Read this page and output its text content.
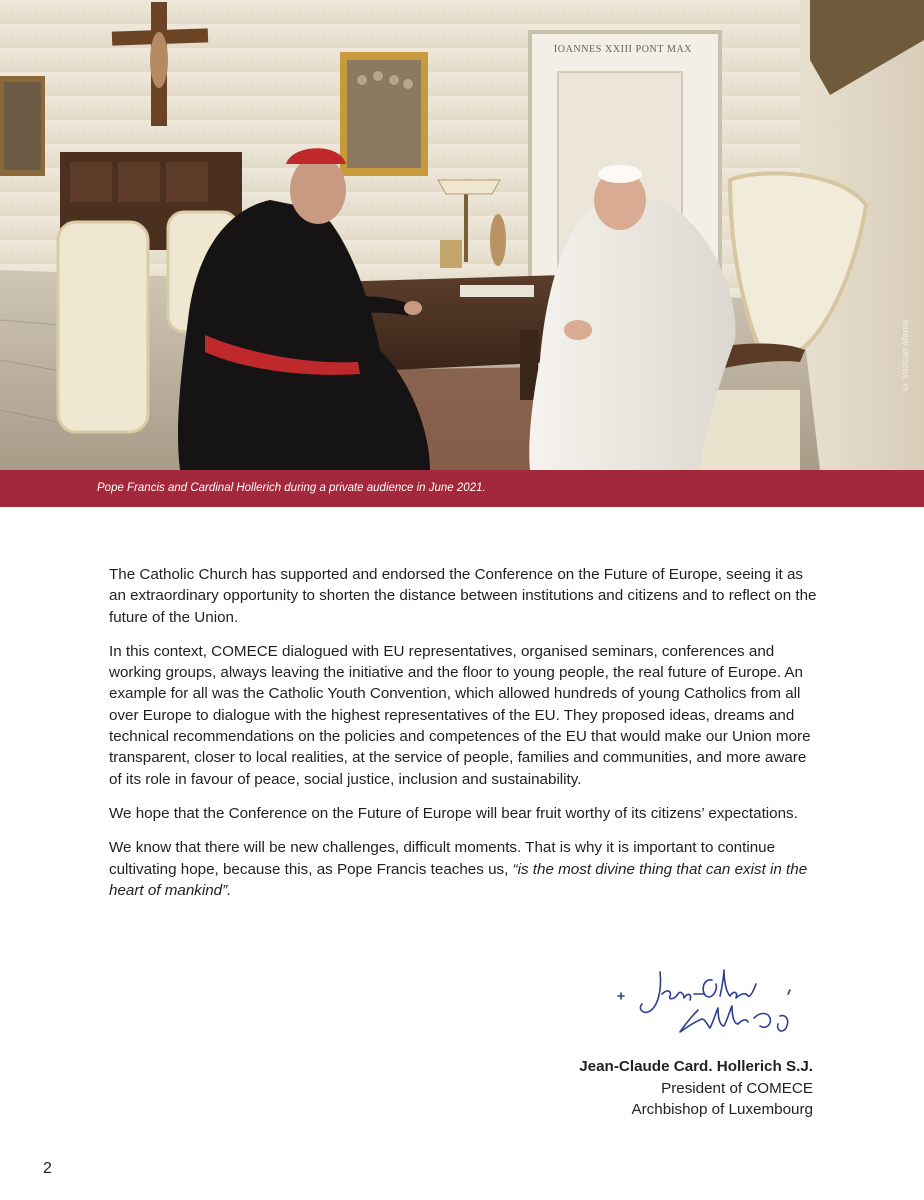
IOANNES XXIII PONT MAX
© Vatican Media
Pope Francis and Cardinal Hollerich during a private audience in June 2021.

The Catholic Church has supported and endorsed the Conference on the Future of Europe, seeing it as an extraordinary opportunity to shorten the distance between institutions and citizens and to reflect on the future of the Union.

In this context, COMECE dialogued with EU representatives, organised seminars, conferences and working groups, always leaving the initiative and the floor to young people, the real future of Europe. An example for all was the Catholic Youth Convention, which allowed hundreds of young Catholics from all over Europe to dialogue with the highest representatives of the EU. They proposed ideas, dreams and technical recommendations on the policies and competences of the EU that would make our Union more transparent, closer to local realities, at the service of people, families and communities, and more aware of its role in favour of peace, social justice, inclusion and sustainability.

We hope that the Conference on the Future of Europe will bear fruit worthy of its citizens’ expectations.

We know that there will be new challenges, difficult moments. That is why it is important to continue cultivating hope, because this, as Pope Francis teaches us, “is the most divine thing that can exist in the heart of mankind”.

Jean-Claude Card. Hollerich S.J.
President of COMECE
Archbishop of Luxembourg
2
